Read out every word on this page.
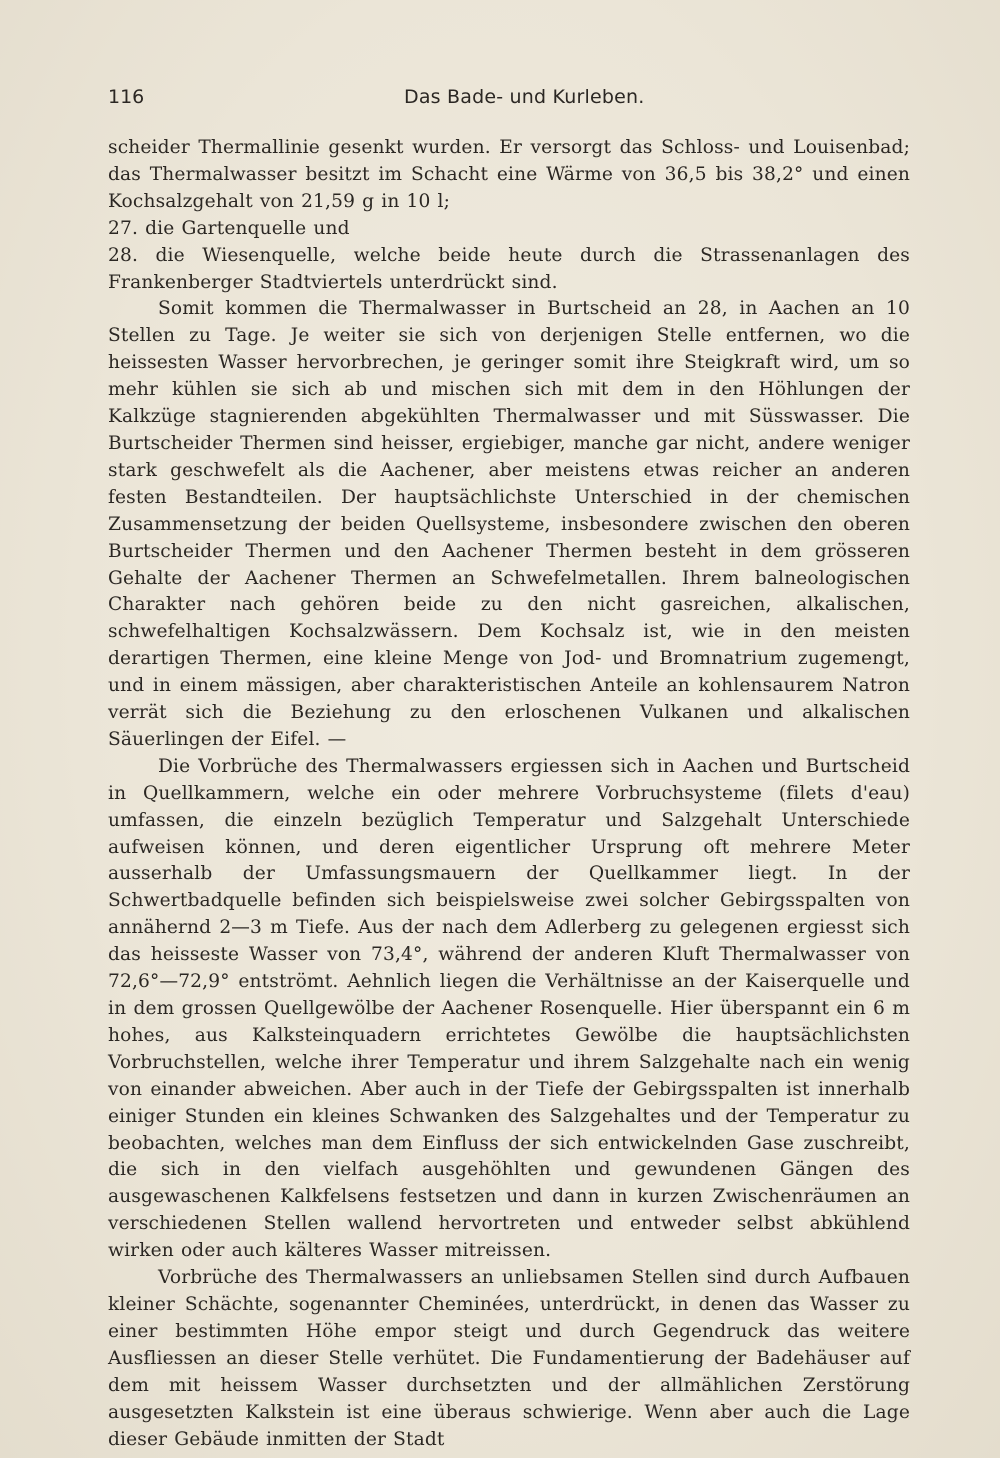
116	Das Bade- und Kurleben.

scheider Thermallinie gesenkt wurden. Er versorgt das Schloss- und Louisenbad; das Thermalwasser besitzt im Schacht eine Wärme von 36,5 bis 38,2° und einen Kochsalzgehalt von 21,59 g in 10 l;

27. die Gartenquelle und

28. die Wiesenquelle, welche beide heute durch die Strassenanlagen des Frankenberger Stadtviertels unterdrückt sind.

Somit kommen die Thermalwasser in Burtscheid an 28, in Aachen an 10 Stellen zu Tage. Je weiter sie sich von derjenigen Stelle entfernen, wo die heissesten Wasser hervorbrechen, je geringer somit ihre Steigkraft wird, um so mehr kühlen sie sich ab und mischen sich mit dem in den Höhlungen der Kalkzüge stagnierenden abgekühlten Thermalwasser und mit Süsswasser. Die Burtscheider Thermen sind heisser, ergiebiger, manche gar nicht, andere weniger stark geschwefelt als die Aachener, aber meistens etwas reicher an anderen festen Bestandteilen. Der hauptsächlichste Unterschied in der chemischen Zusammensetzung der beiden Quellsysteme, insbesondere zwischen den oberen Burtscheider Thermen und den Aachener Thermen besteht in dem grösseren Gehalte der Aachener Thermen an Schwefelmetallen. Ihrem balneologischen Charakter nach gehören beide zu den nicht gasreichen, alkalischen, schwefelhaltigen Kochsalzwässern. Dem Kochsalz ist, wie in den meisten derartigen Thermen, eine kleine Menge von Jod- und Bromnatrium zugemengt, und in einem mässigen, aber charakteristischen Anteile an kohlensaurem Natron verrät sich die Beziehung zu den erloschenen Vulkanen und alkalischen Säuerlingen der Eifel. —

Die Vorbrüche des Thermalwassers ergiessen sich in Aachen und Burtscheid in Quellkammern, welche ein oder mehrere Vorbruchsysteme (filets d'eau) umfassen, die einzeln bezüglich Temperatur und Salzgehalt Unterschiede aufweisen können, und deren eigentlicher Ursprung oft mehrere Meter ausserhalb der Umfassungsmauern der Quellkammer liegt. In der Schwertbadquelle befinden sich beispielsweise zwei solcher Gebirgsspalten von annähernd 2—3 m Tiefe. Aus der nach dem Adlerberg zu gelegenen ergiesst sich das heisseste Wasser von 73,4°, während der anderen Kluft Thermalwasser von 72,6°—72,9° entströmt. Aehnlich liegen die Verhältnisse an der Kaiserquelle und in dem grossen Quellgewölbe der Aachener Rosenquelle. Hier überspannt ein 6 m hohes, aus Kalksteinquadern errichtetes Gewölbe die hauptsächlichsten Vorbruchstellen, welche ihrer Temperatur und ihrem Salzgehalte nach ein wenig von einander abweichen. Aber auch in der Tiefe der Gebirgsspalten ist innerhalb einiger Stunden ein kleines Schwanken des Salzgehaltes und der Temperatur zu beobachten, welches man dem Einfluss der sich entwickelnden Gase zuschreibt, die sich in den vielfach ausgehöhlten und gewundenen Gängen des ausgewaschenen Kalkfelsens festsetzen und dann in kurzen Zwischenräumen an verschiedenen Stellen wallend hervortreten und entweder selbst abkühlend wirken oder auch kälteres Wasser mitreissen.

Vorbrüche des Thermalwassers an unliebsamen Stellen sind durch Aufbauen kleiner Schächte, sogenannter Cheminées, unterdrückt, in denen das Wasser zu einer bestimmten Höhe empor steigt und durch Gegendruck das weitere Ausfliessen an dieser Stelle verhütet. Die Fundamentierung der Badehäuser auf dem mit heissem Wasser durchsetzten und der allmählichen Zerstörung ausgesetzten Kalkstein ist eine überaus schwierige. Wenn aber auch die Lage dieser Gebäude inmitten der Stadt
